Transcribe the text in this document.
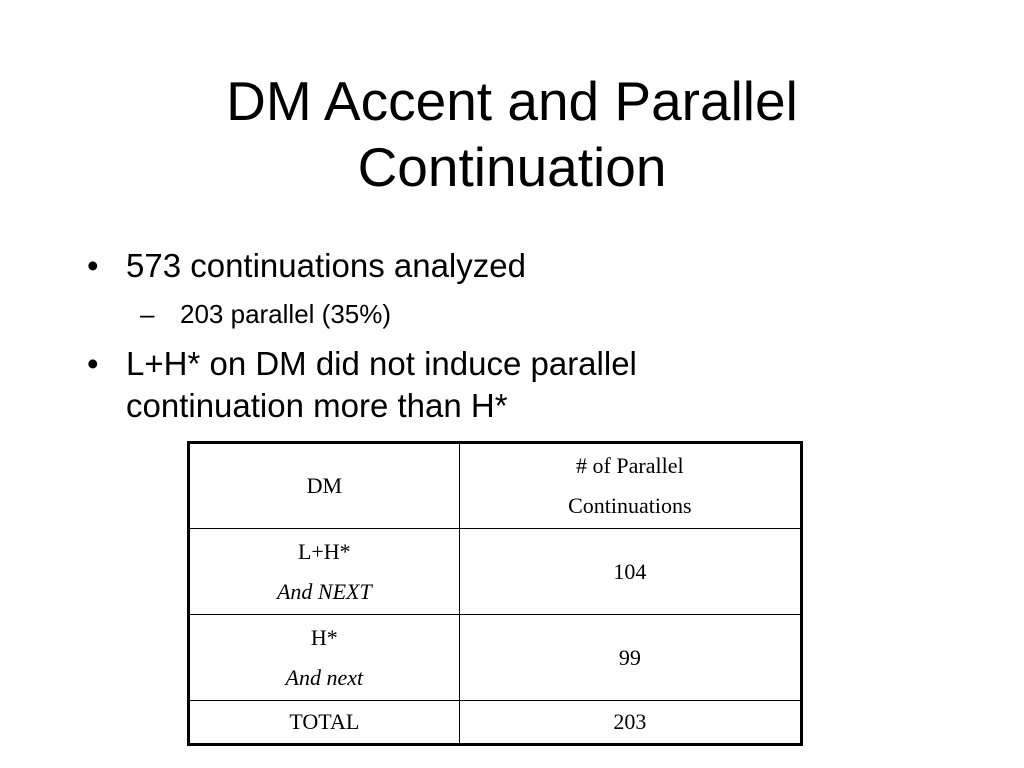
DM Accent and Parallel
Continuation
• 573 continuations analyzed
– 203 parallel (35%)
• L+H* on DM did not induce parallel
continuation more than H*
DM	# of Parallel
Continuations

L+H*
And NEXT	104

H*
And next	99
TOTAL	203
